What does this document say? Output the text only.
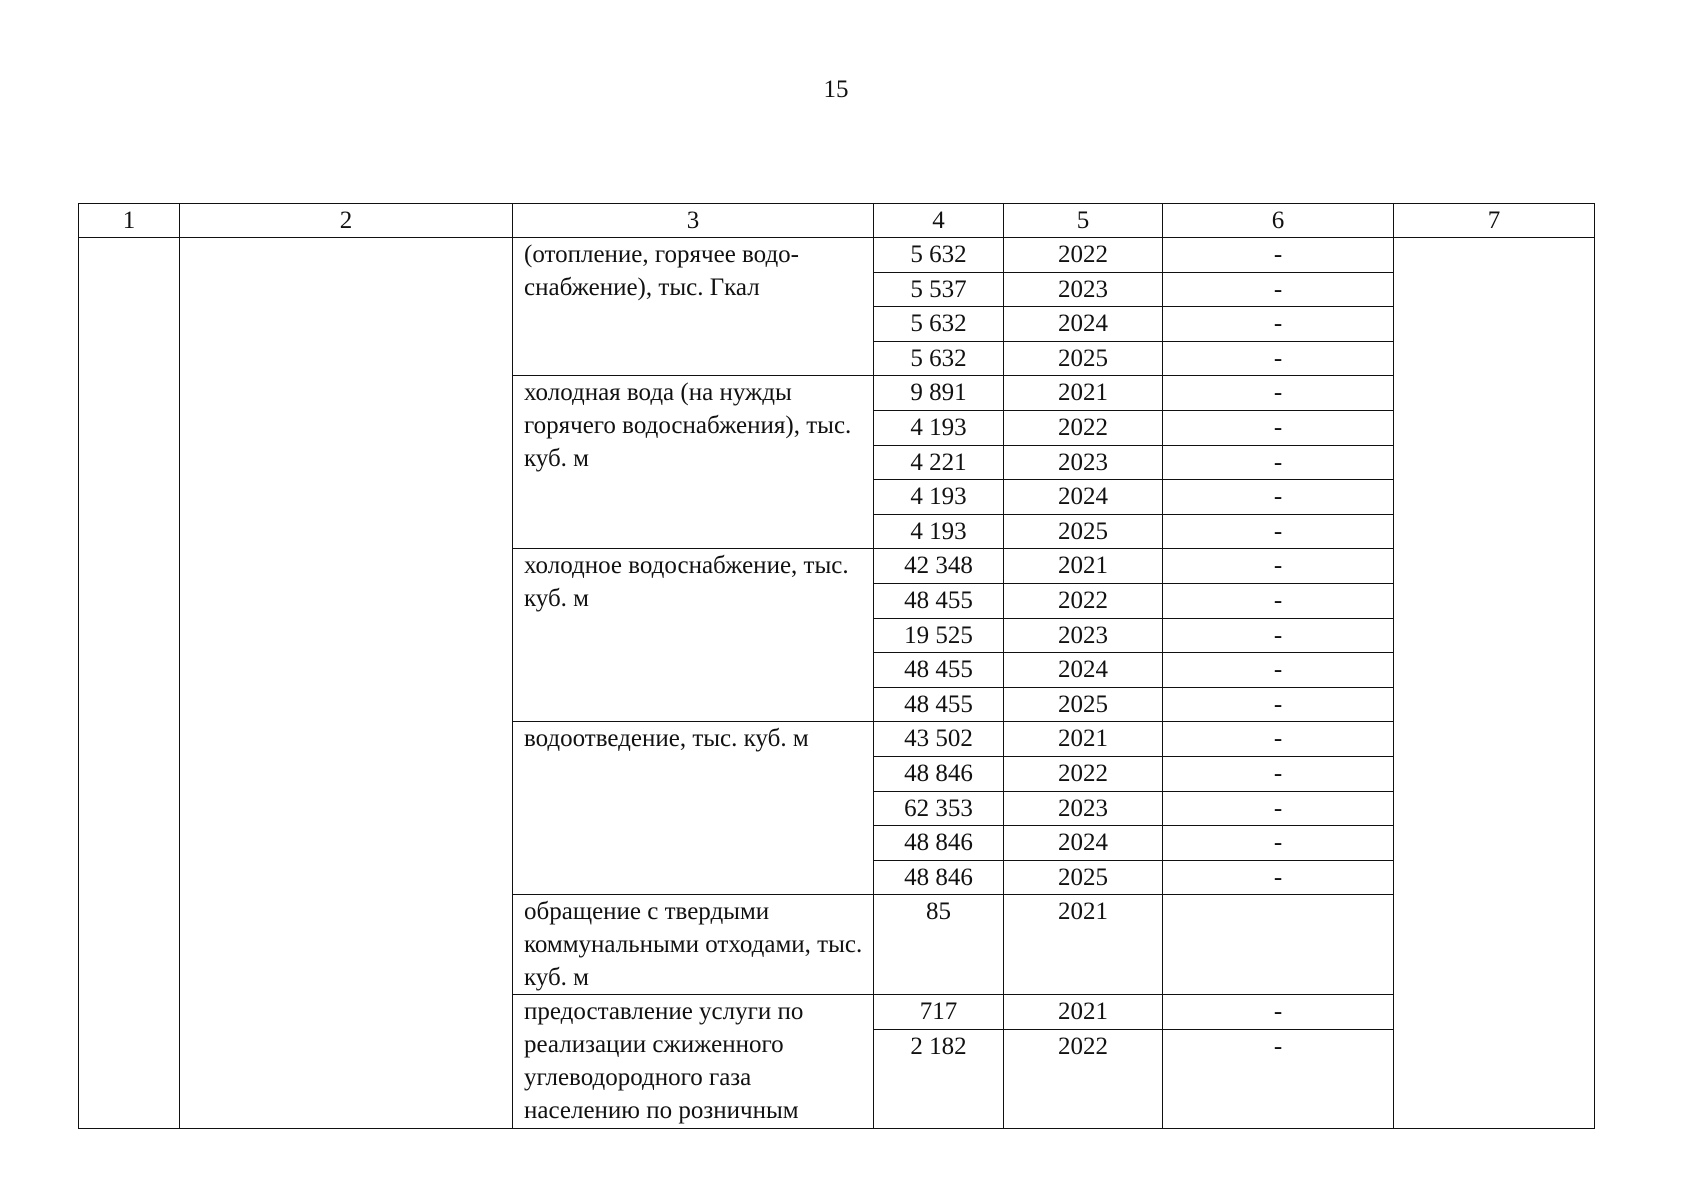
15
1	2	3	4	5	6	7
		(отопление, горячее водо-снабжение), тыс. Гкал	5 632	2022	-	
			5 537	2023	-	
			5 632	2024	-	
			5 632	2025	-	
		холодная вода (на нужды горячего водоснабжения), тыс. куб. м	9 891	2021	-	
			4 193	2022	-	
			4 221	2023	-	
			4 193	2024	-	
			4 193	2025	-	
		холодное водоснабжение, тыс. куб. м	42 348	2021	-	
			48 455	2022	-	
			19 525	2023	-	
			48 455	2024	-	
			48 455	2025	-	
		водоотведение, тыс. куб. м	43 502	2021	-	
			48 846	2022	-	
			62 353	2023	-	
			48 846	2024	-	
			48 846	2025	-	
		обращение с твердыми коммунальными отходами, тыс. куб. м	85	2021		
		предоставление услуги по реализации сжиженного углеводородного газа населению по розничным	717	2021	-	
			2 182	2022	-	
